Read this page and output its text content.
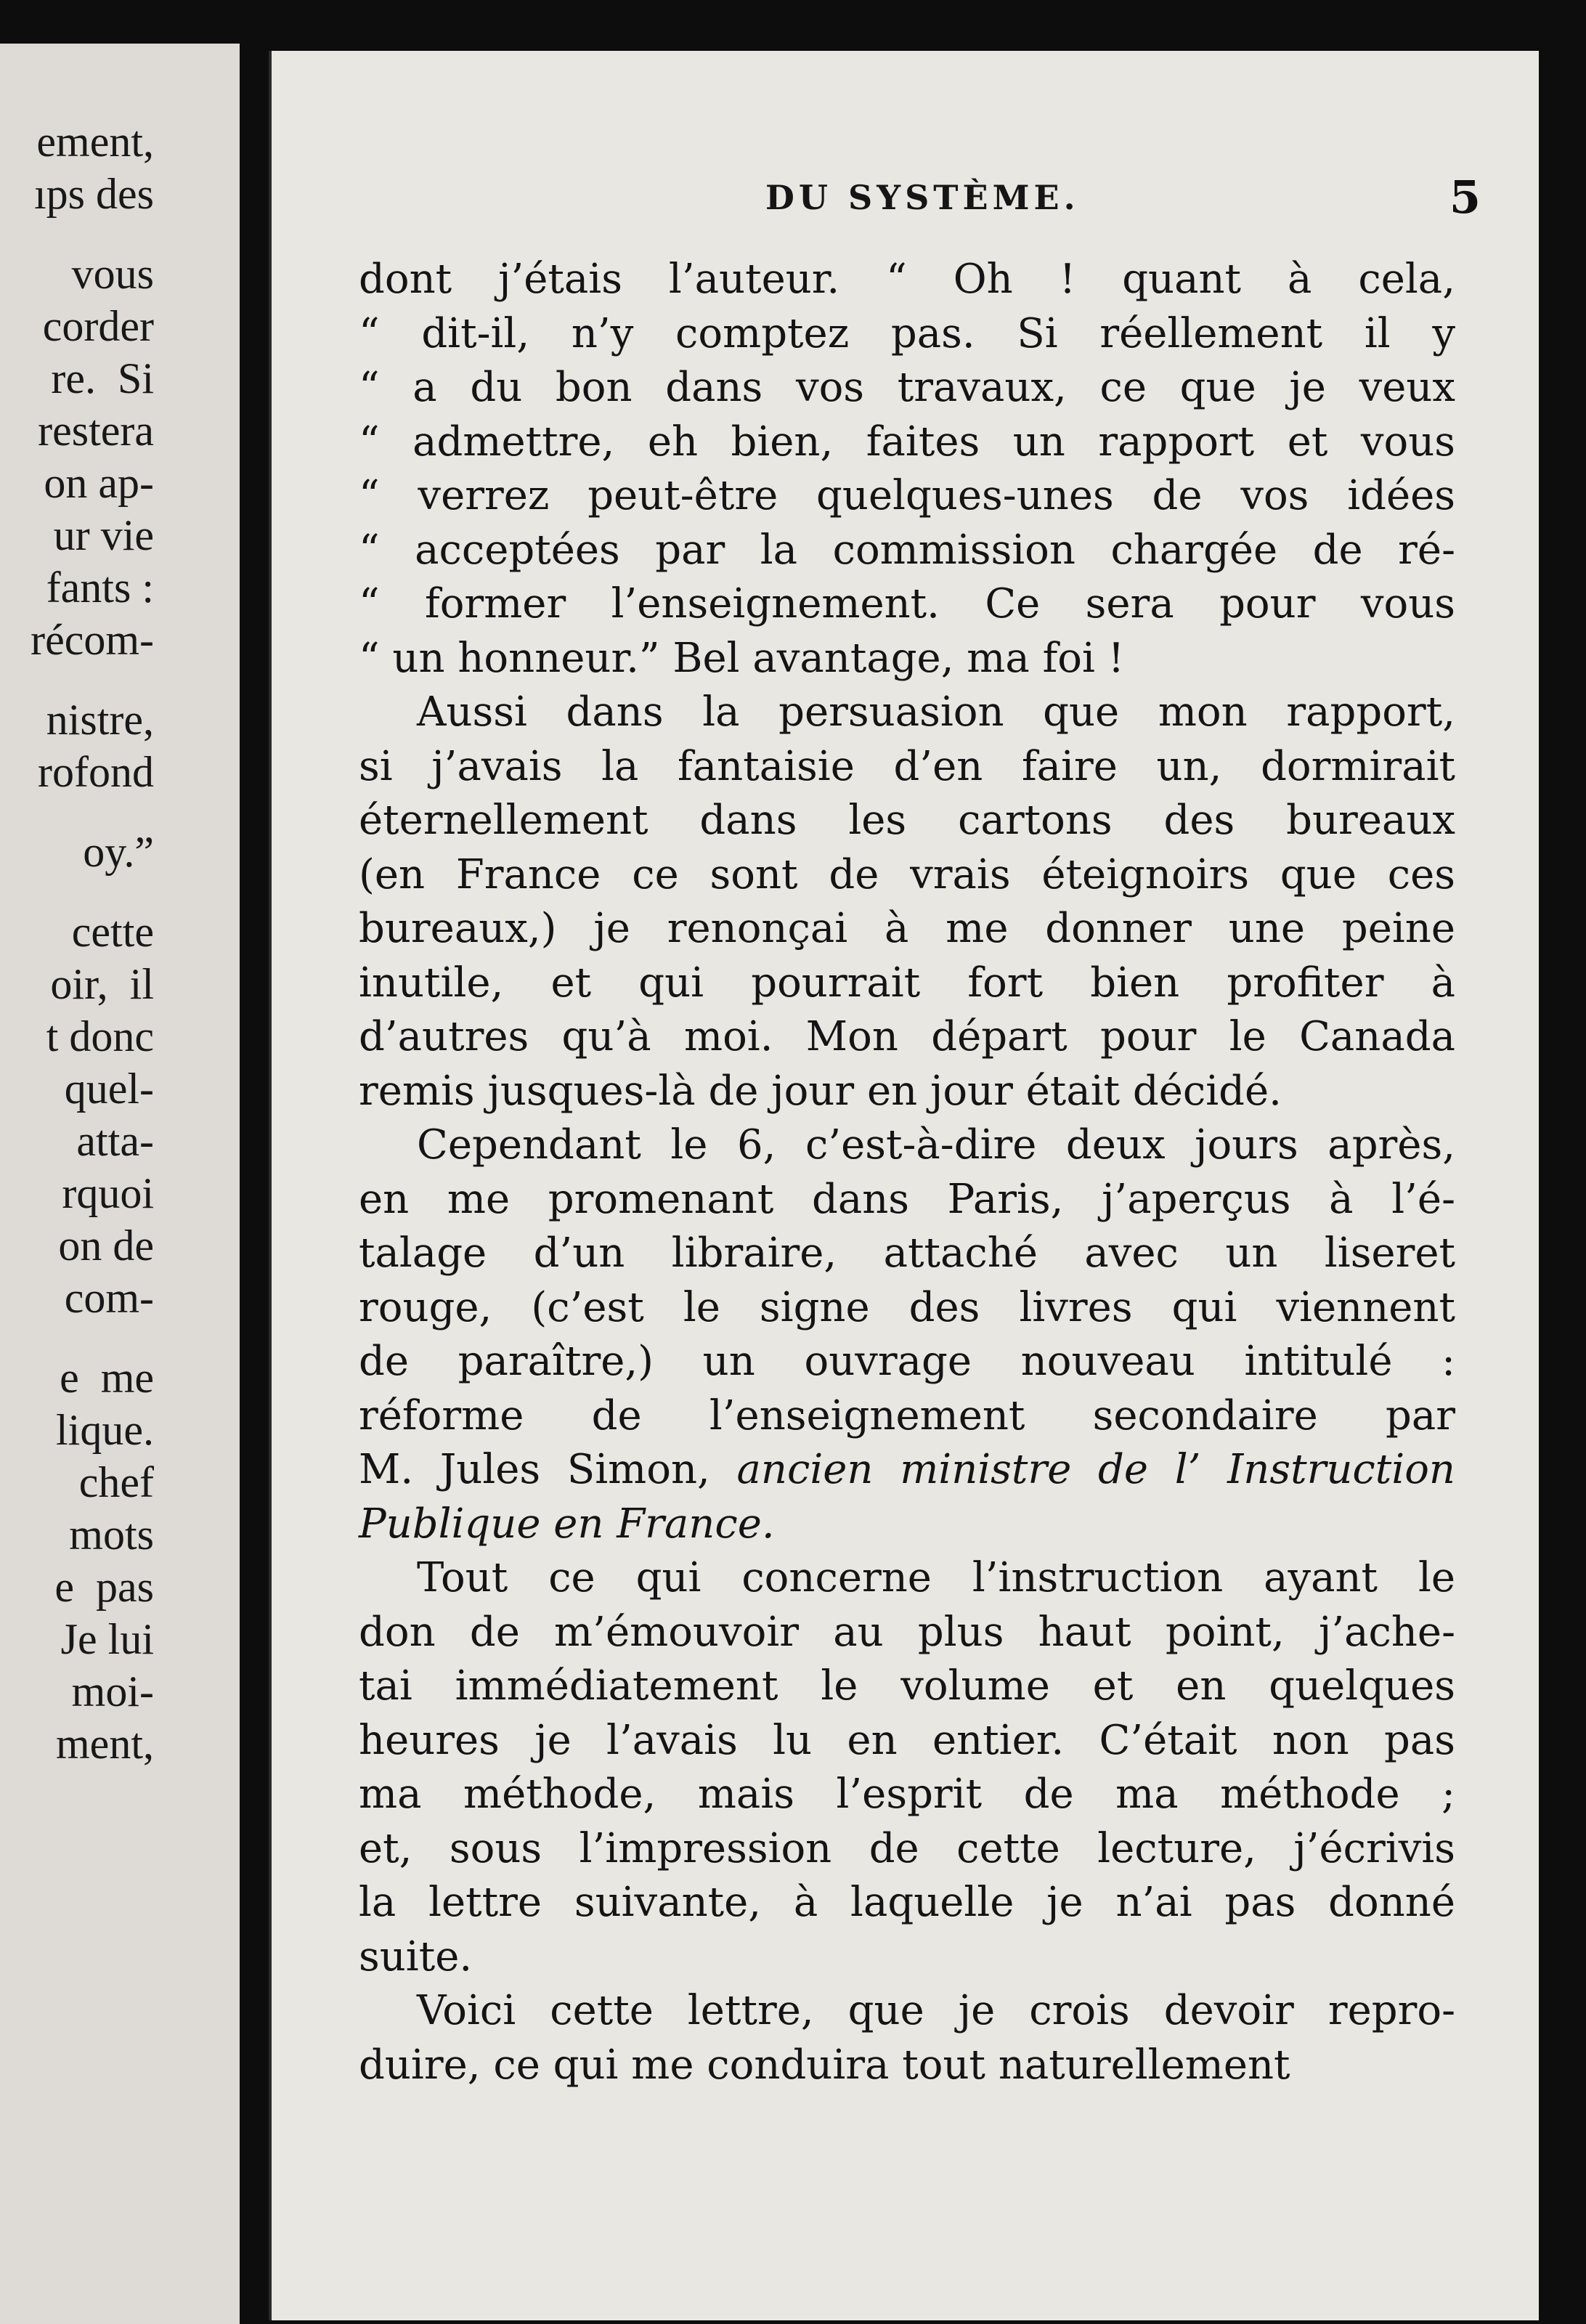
ement,
ıps des
vous
corder
re.  Si
restera
on ap-
ur vie
fants :
récom-
nistre,
rofond
oy.”
cette
oir,  il
t donc
quel-
atta-
rquoi
on de
com-
e  me
lique.
chef
mots
e  pas
Je lui
moi-
ment,
DU SYSTÈME.	5
dont j’étais l’auteur. “ Oh ! quant à cela,
“ dit-il, n’y comptez pas. Si réellement il y
“ a du bon dans vos travaux, ce que je veux
“ admettre, eh bien, faites un rapport et vous
“ verrez peut-être quelques-unes de vos idées
“ acceptées par la commission chargée de ré-
“ former l’enseignement. Ce sera pour vous
“ un honneur.” Bel avantage, ma foi !
Aussi dans la persuasion que mon rapport,
si j’avais la fantaisie d’en faire un, dormirait
éternellement dans les cartons des bureaux
(en France ce sont de vrais éteignoirs que ces
bureaux,) je renonçai à me donner une peine
inutile, et qui pourrait fort bien profiter à
d’autres qu’à moi. Mon départ pour le Canada
remis jusques-là de jour en jour était décidé.
Cependant le 6, c’est-à-dire deux jours après,
en me promenant dans Paris, j’aperçus à l’é-
talage d’un libraire, attaché avec un liseret
rouge, (c’est le signe des livres qui viennent
de paraître,) un ouvrage nouveau intitulé :
réforme de l’enseignement secondaire par
M. Jules Simon, ancien ministre de l’ Instruction
Publique en France.
Tout ce qui concerne l’instruction ayant le
don de m’émouvoir au plus haut point, j’ache-
tai immédiatement le volume et en quelques
heures je l’avais lu en entier. C’était non pas
ma méthode, mais l’esprit de ma méthode ;
et, sous l’impression de cette lecture, j’écrivis
la lettre suivante, à laquelle je n’ai pas donné
suite.
Voici cette lettre, que je crois devoir repro-
duire, ce qui me conduira tout naturellement
